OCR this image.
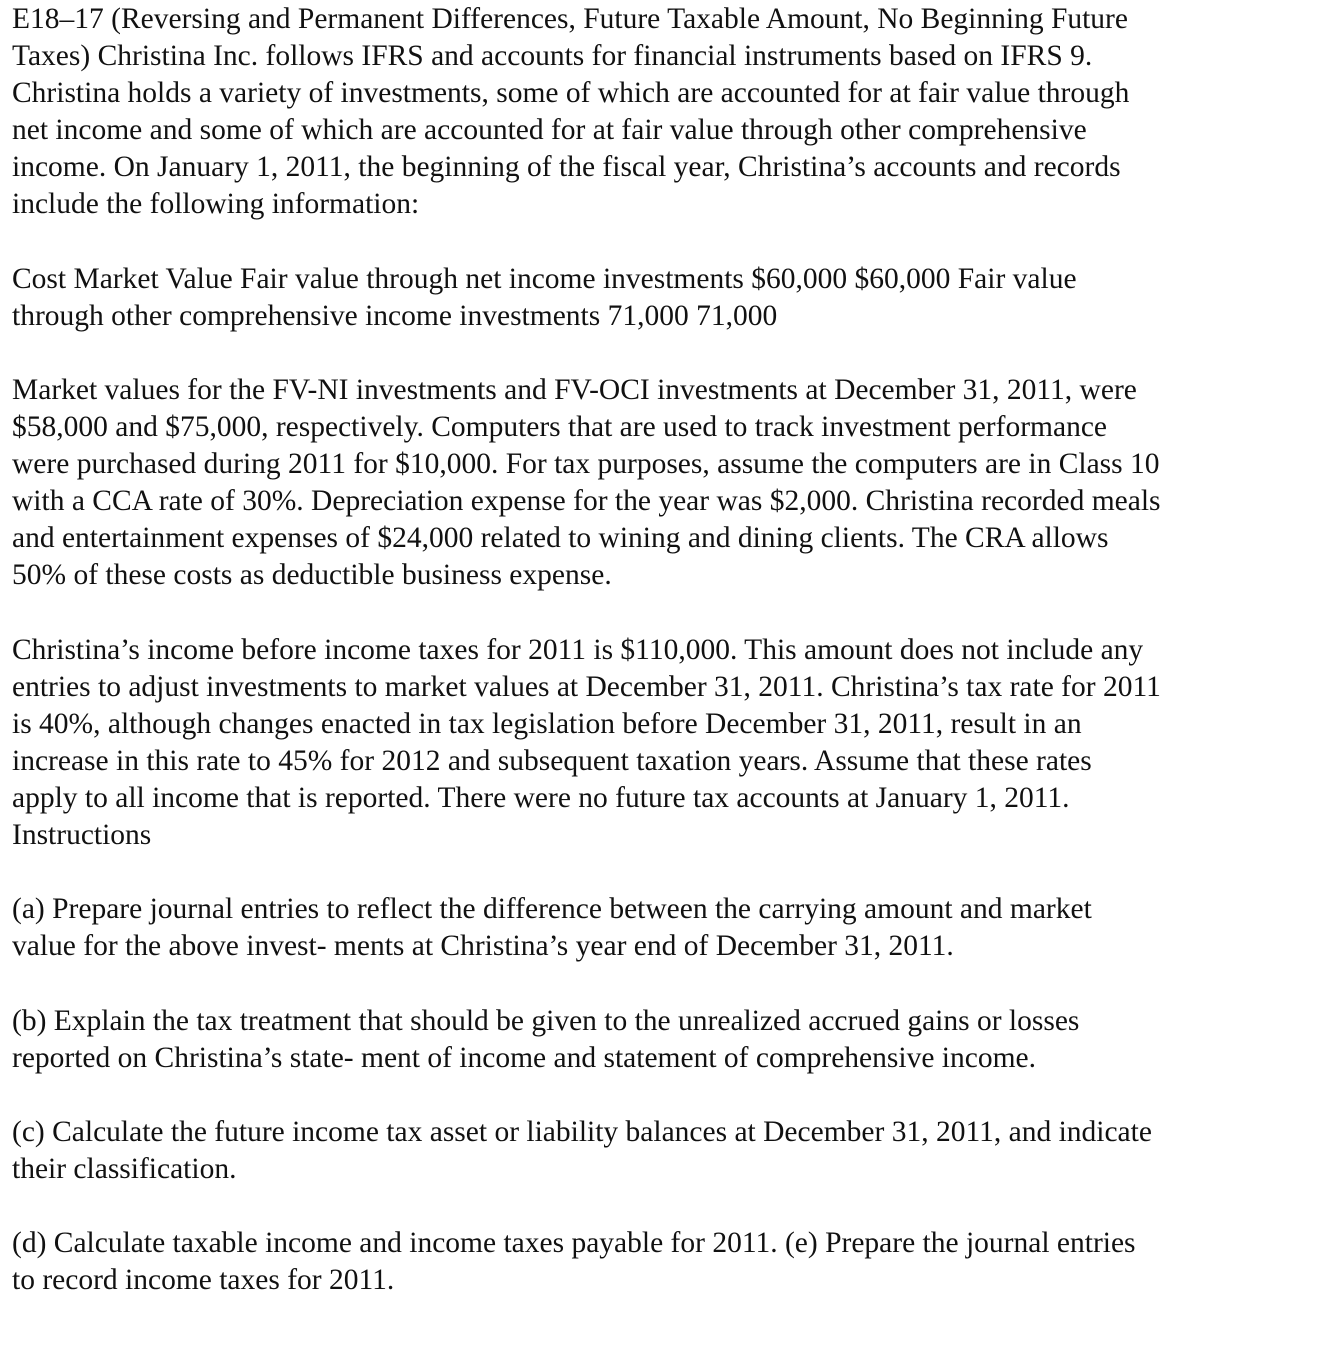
E18–17 (Reversing and Permanent Differences, Future Taxable Amount, No Beginning Future
Taxes) Christina Inc. follows IFRS and accounts for financial instruments based on IFRS 9.
Christina holds a variety of investments, some of which are accounted for at fair value through
net income and some of which are accounted for at fair value through other comprehensive
income. On January 1, 2011, the beginning of the fiscal year, Christina’s accounts and records
include the following information:

Cost Market Value Fair value through net income investments $60,000 $60,000 Fair value
through other comprehensive income investments 71,000 71,000

Market values for the FV-NI investments and FV-OCI investments at December 31, 2011, were
$58,000 and $75,000, respectively. Computers that are used to track investment performance
were purchased during 2011 for $10,000. For tax purposes, assume the computers are in Class 10
with a CCA rate of 30%. Depreciation expense for the year was $2,000. Christina recorded meals
and entertainment expenses of $24,000 related to wining and dining clients. The CRA allows
50% of these costs as deductible business expense.

Christina’s income before income taxes for 2011 is $110,000. This amount does not include any
entries to adjust investments to market values at December 31, 2011. Christina’s tax rate for 2011
is 40%, although changes enacted in tax legislation before December 31, 2011, result in an
increase in this rate to 45% for 2012 and subsequent taxation years. Assume that these rates
apply to all income that is reported. There were no future tax accounts at January 1, 2011.
Instructions

(a) Prepare journal entries to reflect the difference between the carrying amount and market
value for the above invest- ments at Christina’s year end of December 31, 2011.

(b) Explain the tax treatment that should be given to the unrealized accrued gains or losses
reported on Christina’s state- ment of income and statement of comprehensive income.

(c) Calculate the future income tax asset or liability balances at December 31, 2011, and indicate
their classification.

(d) Calculate taxable income and income taxes payable for 2011. (e) Prepare the journal entries
to record income taxes for 2011.
